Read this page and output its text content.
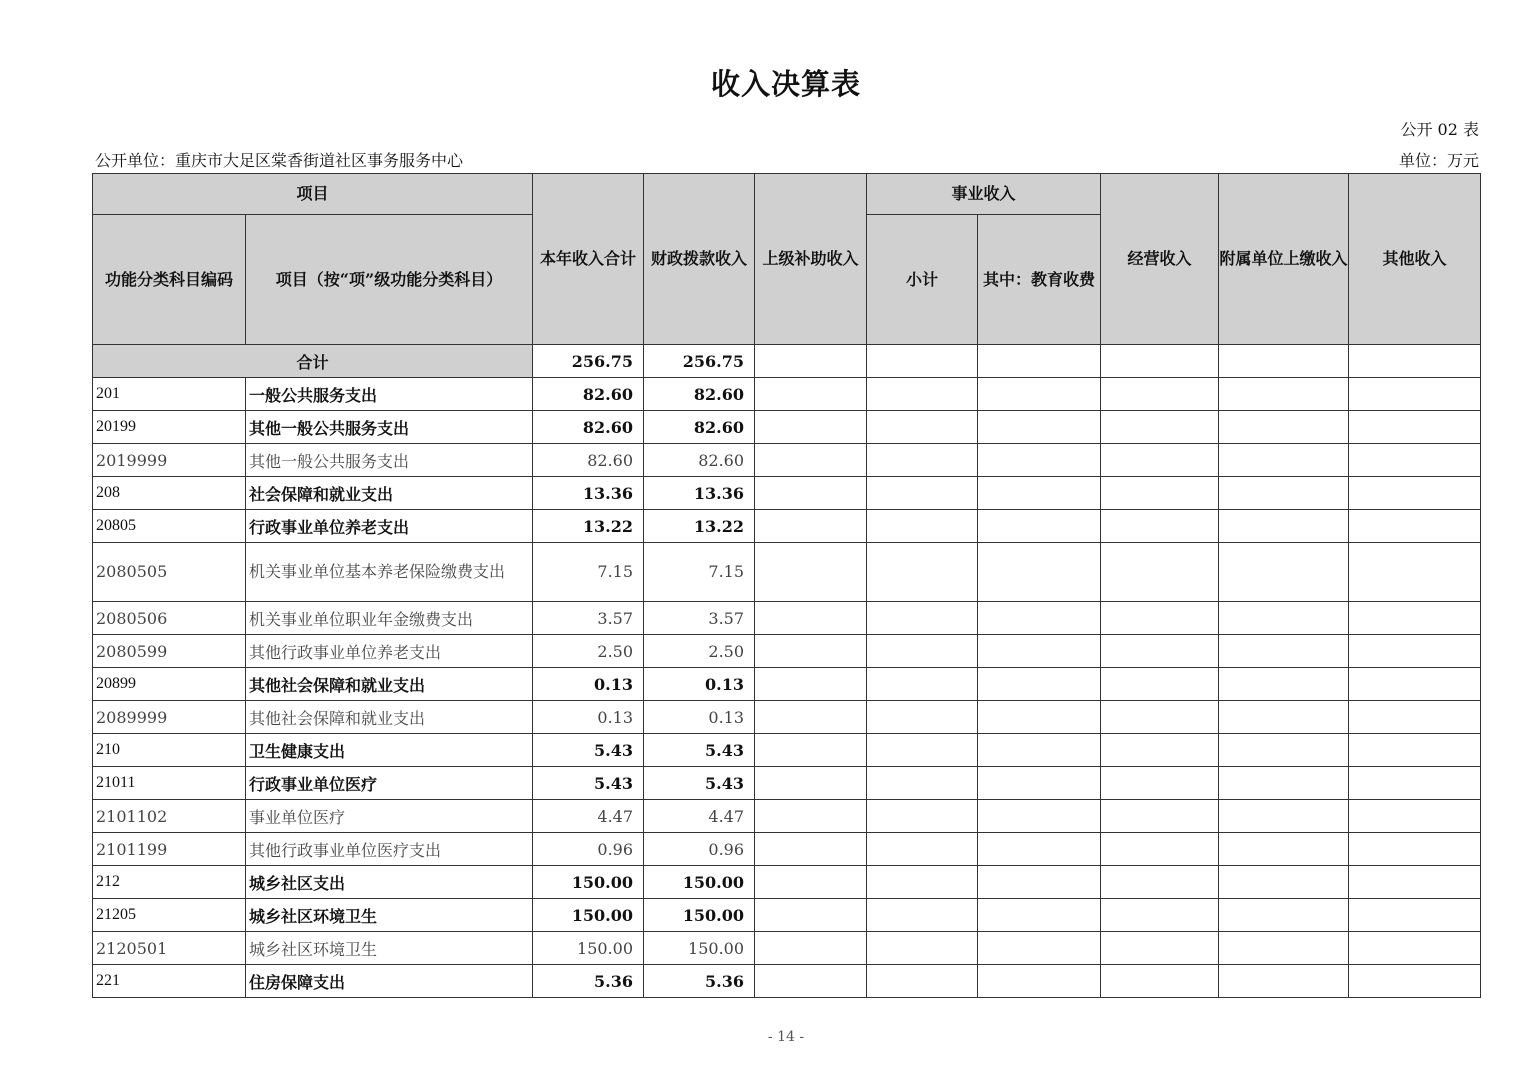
收入决算表
公开 02 表
公开单位：重庆市大足区棠香街道社区事务服务中心	单位：万元
项目		本年收入合计	财政拨款收入	上级补助收入	事业收入		经营收入	附属单位上缴收入	其他收入
功能分类科目编码	项目（按“项”级功能分类科目）				小计	其中：教育收费			
合计		256.75	256.75						
201	一般公共服务支出	82.60	82.60						
20199	其他一般公共服务支出	82.60	82.60						
2019999	其他一般公共服务支出	82.60	82.60						
208	社会保障和就业支出	13.36	13.36						
20805	行政事业单位养老支出	13.22	13.22						
2080505	机关事业单位基本养老保险缴费支出	7.15	7.15						
2080506	机关事业单位职业年金缴费支出	3.57	3.57						
2080599	其他行政事业单位养老支出	2.50	2.50						
20899	其他社会保障和就业支出	0.13	0.13						
2089999	其他社会保障和就业支出	0.13	0.13						
210	卫生健康支出	5.43	5.43						
21011	行政事业单位医疗	5.43	5.43						
2101102	事业单位医疗	4.47	4.47						
2101199	其他行政事业单位医疗支出	0.96	0.96						
212	城乡社区支出	150.00	150.00						
21205	城乡社区环境卫生	150.00	150.00						
2120501	城乡社区环境卫生	150.00	150.00						
221	住房保障支出	5.36	5.36						
- 14 -
